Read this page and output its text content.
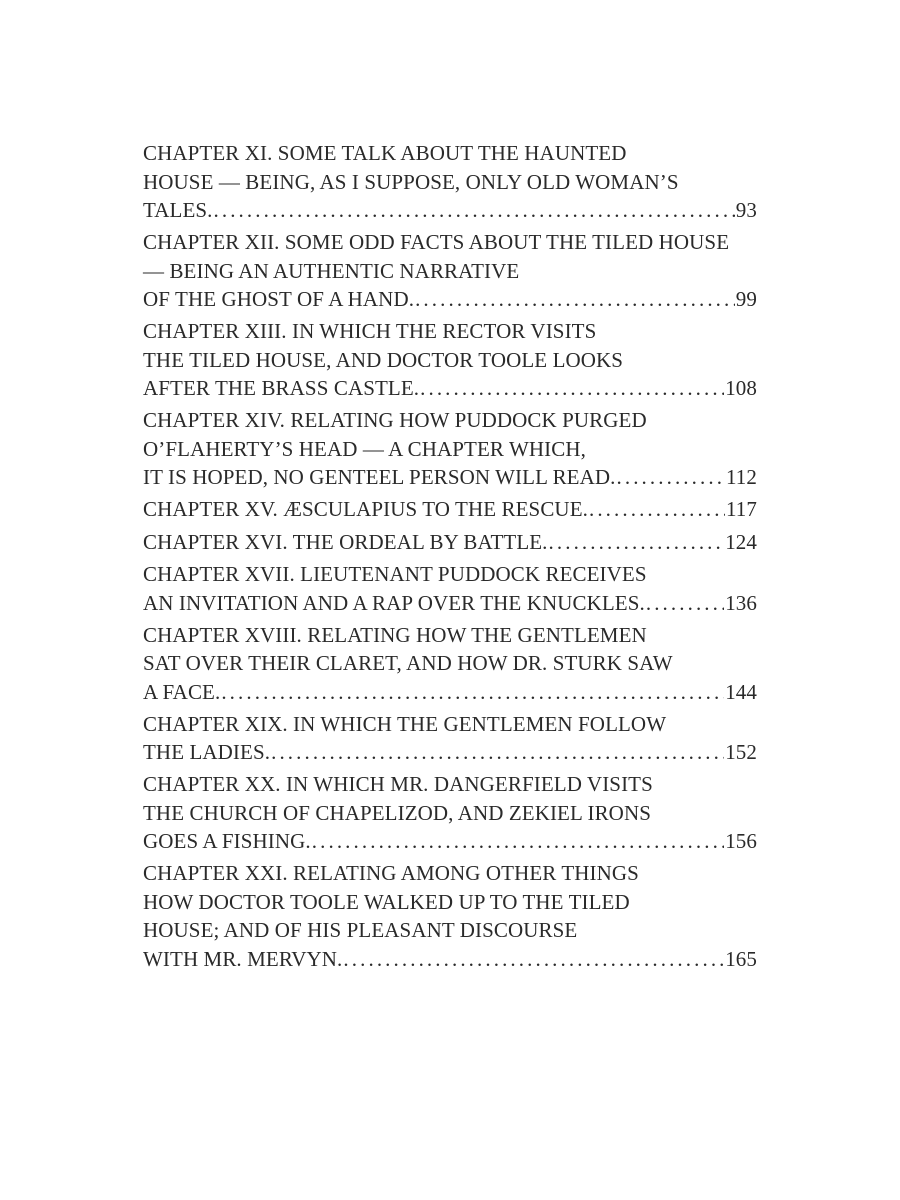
CHAPTER XI. SOME TALK ABOUT THE HAUNTED
HOUSE — BEING, AS I SUPPOSE, ONLY OLD WOMAN’S
TALES. .....	93
CHAPTER XII. SOME ODD FACTS ABOUT THE TILED HOUSE
— BEING AN AUTHENTIC NARRATIVE
OF THE GHOST OF A HAND. .....	99
CHAPTER XIII. IN WHICH THE RECTOR VISITS
THE TILED HOUSE, AND DOCTOR TOOLE LOOKS
AFTER THE BRASS CASTLE. .....	108
CHAPTER XIV. RELATING HOW PUDDOCK PURGED
O’FLAHERTY’S HEAD — A CHAPTER WHICH,
IT IS HOPED, NO GENTEEL PERSON WILL READ. .....	112
CHAPTER XV. ÆSCULAPIUS TO THE RESCUE. .....	117
CHAPTER XVI. THE ORDEAL BY BATTLE. .....	124
CHAPTER XVII. LIEUTENANT PUDDOCK RECEIVES
AN INVITATION AND A RAP OVER THE KNUCKLES. .....	136
CHAPTER XVIII. RELATING HOW THE GENTLEMEN
SAT OVER THEIR CLARET, AND HOW DR. STURK SAW
A FACE. .....	144
CHAPTER XIX. IN WHICH THE GENTLEMEN FOLLOW
THE LADIES. .....	152
CHAPTER XX. IN WHICH MR. DANGERFIELD VISITS
THE CHURCH OF CHAPELIZOD, AND ZEKIEL IRONS
GOES A FISHING. .....	156
CHAPTER XXI. RELATING AMONG OTHER THINGS
HOW DOCTOR TOOLE WALKED UP TO THE TILED
HOUSE; AND OF HIS PLEASANT DISCOURSE
WITH MR. MERVYN. .....	165
